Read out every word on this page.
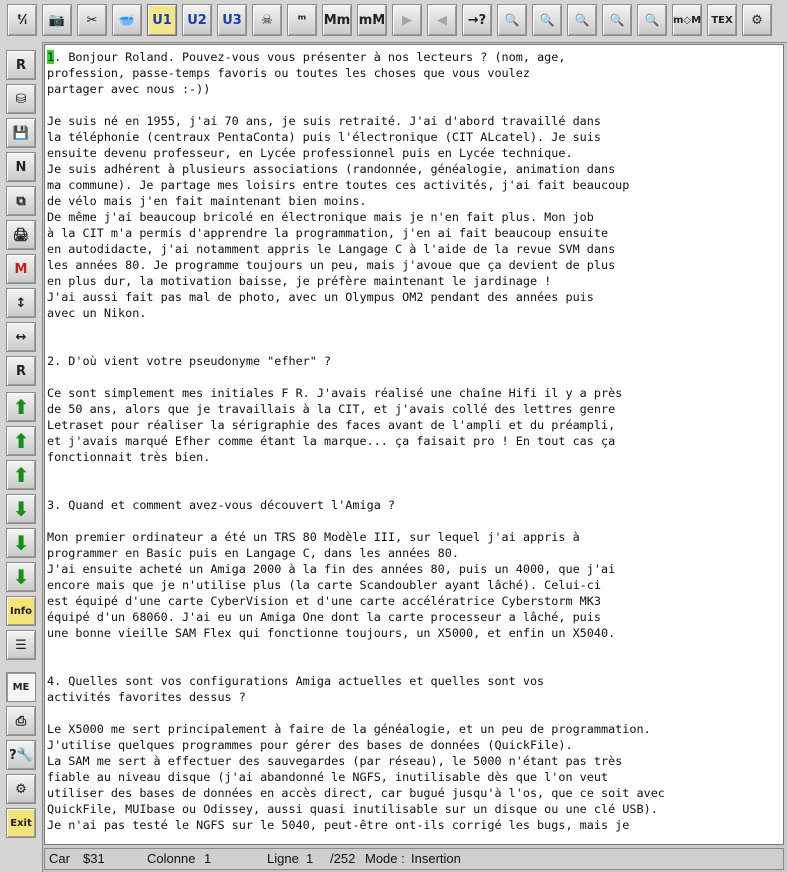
ᵗ⁄ᵢ	📷	✂	🥣	U1	U2	U3	☠	ᵐ	Mm mM	▶	◀	→?	🔍	🔍	🔍	🔍	🔍	m◇M	TEX	⚙
R
⛁
💾
N
⧉
🖨
M
↕
↔
R
⬆
⬆
⬆
⬇
⬇
⬇
Info
☰
ME
⎙
?🔧
⚙
Exit
1. Bonjour Roland. Pouvez-vous vous présenter à nos lecteurs ? (nom, age,
profession, passe-temps favoris ou toutes les choses que vous voulez
partager avec nous :-))

Je suis né en 1955, j'ai 70 ans, je suis retraité. J'ai d'abord travaillé dans
la téléphonie (centraux PentaConta) puis l'électronique (CIT ALcatel). Je suis
ensuite devenu professeur, en Lycée professionnel puis en Lycée technique.
Je suis adhérent à plusieurs associations (randonnée, généalogie, animation dans
ma commune). Je partage mes loisirs entre toutes ces activités, j'ai fait beaucoup
de vélo mais j'en fait maintenant bien moins.
De même j'ai beaucoup bricolé en électronique mais je n'en fait plus. Mon job
à la CIT m'a permis d'apprendre la programmation, j'en ai fait beaucoup ensuite
en autodidacte, j'ai notamment appris le Langage C à l'aide de la revue SVM dans
les années 80. Je programme toujours un peu, mais j'avoue que ça devient de plus
en plus dur, la motivation baisse, je préfère maintenant le jardinage !
J'ai aussi fait pas mal de photo, avec un Olympus OM2 pendant des années puis
avec un Nikon.

2. D'où vient votre pseudonyme "efher" ?

Ce sont simplement mes initiales F R. J'avais réalisé une chaîne Hifi il y a près
de 50 ans, alors que je travaillais à la CIT, et j'avais collé des lettres genre
Letraset pour réaliser la sérigraphie des faces avant de l'ampli et du préampli,
et j'avais marqué Efher comme étant la marque... ça faisait pro ! En tout cas ça
fonctionnait très bien.

3. Quand et comment avez-vous découvert l'Amiga ?

Mon premier ordinateur a été un TRS 80 Modèle III, sur lequel j'ai appris à
programmer en Basic puis en Langage C, dans les années 80.
J'ai ensuite acheté un Amiga 2000 à la fin des années 80, puis un 4000, que j'ai
encore mais que je n'utilise plus (la carte Scandoubler ayant lâché). Celui-ci
est équipé d'une carte CyberVision et d'une carte accélératrice Cyberstorm MK3
équipé d'un 68060. J'ai eu un Amiga One dont la carte processeur a lâché, puis
une bonne vieille SAM Flex qui fonctionne toujours, un X5000, et enfin un X5040.

4. Quelles sont vos configurations Amiga actuelles et quelles sont vos
activités favorites dessus ?

Le X5000 me sert principalement à faire de la généalogie, et un peu de programmation.
J'utilise quelques programmes pour gérer des bases de données (QuickFile).
La SAM me sert à effectuer des sauvegardes (par réseau), le 5000 n'étant pas très
fiable au niveau disque (j'ai abandonné le NGFS, inutilisable dès que l'on veut
utiliser des bases de données en accès direct, car bugué jusqu'à l'os, que ce soit avec
QuickFile, MUIbase ou Odissey, aussi quasi inutilisable sur un disque ou une clé USB).
Je n'ai pas testé le NGFS sur le 5040, peut-être ont-ils corrigé les bugs, mais je
Car $31	Colonne 1	Ligne 1 /252 Mode : Insertion
